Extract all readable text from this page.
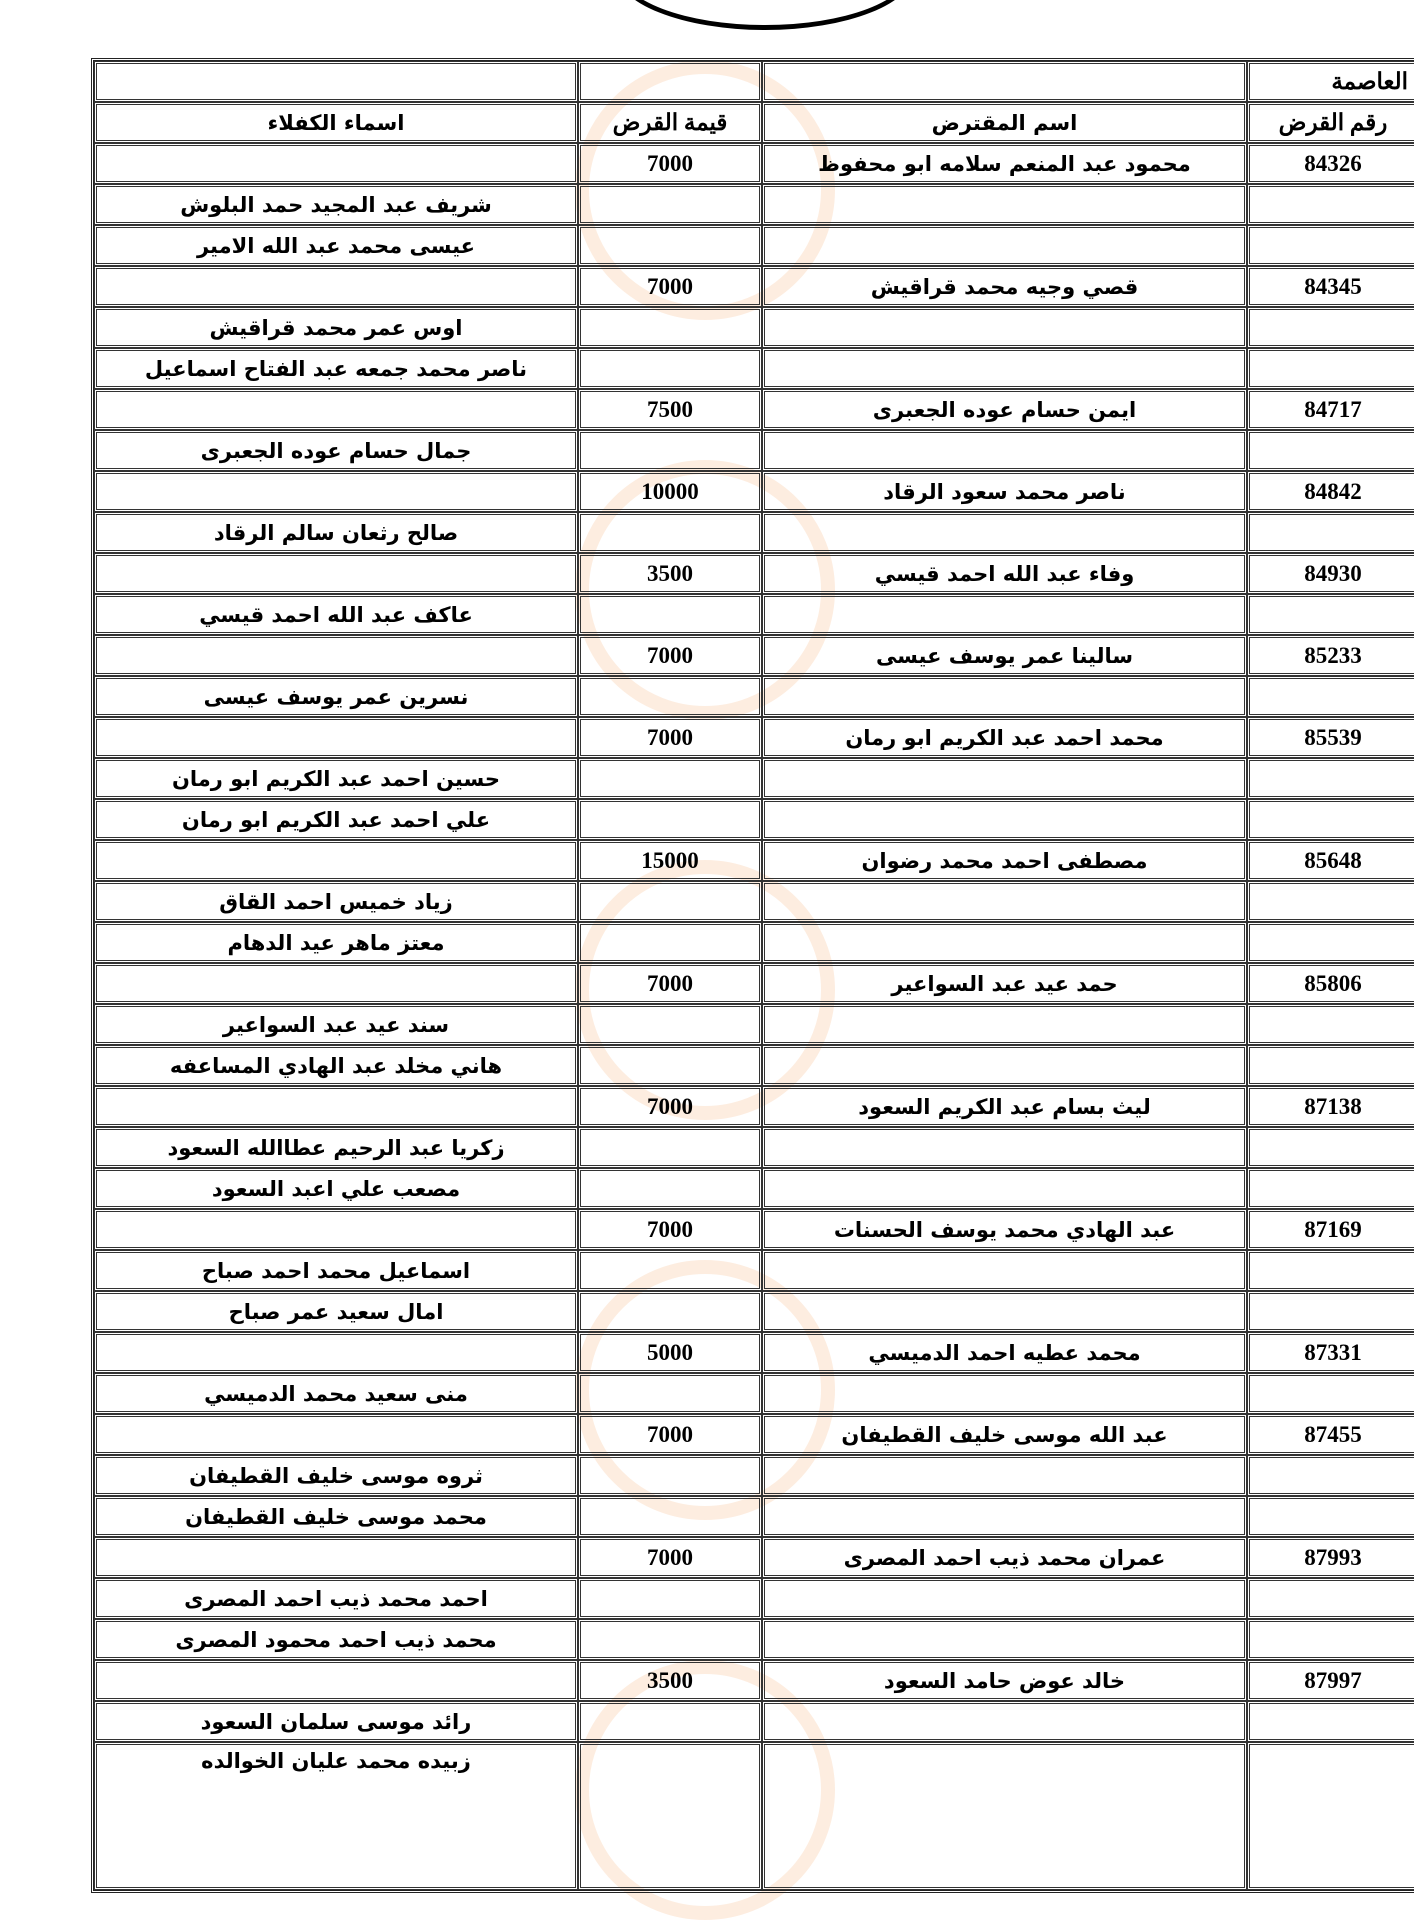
العاصمة			
رقم القرض	اسم المقترض	قيمة القرض	اسماء الكفلاء
84326	محمود عبد المنعم سلامه ابو محفوظ	7000	
			شريف عبد المجيد حمد البلوش
			عيسى محمد عبد الله الامير
84345	قصي وجيه محمد قراقيش	7000	
			اوس عمر محمد قراقيش
			ناصر محمد جمعه عبد الفتاح اسماعيل
84717	ايمن حسام عوده الجعبرى	7500	
			جمال حسام عوده الجعبرى
84842	ناصر محمد سعود الرقاد	10000	
			صالح رثعان سالم الرقاد
84930	وفاء عبد الله احمد قيسي	3500	
			عاكف عبد الله احمد قيسي
85233	سالينا عمر يوسف عيسى	7000	
			نسرين عمر يوسف عيسى
85539	محمد احمد عبد الكريم ابو رمان	7000	
			حسين احمد عبد الكريم ابو رمان
			علي احمد عبد الكريم ابو رمان
85648	مصطفى احمد محمد رضوان	15000	
			زياد خميس احمد القاق
			معتز ماهر عيد الدهام
85806	حمد عيد عبد السواعير	7000	
			سند عيد عبد السواعير
			هاني مخلد عبد الهادي المساعفه
87138	ليث بسام عبد الكريم السعود	7000	
			زكريا عبد الرحيم عطاالله السعود
			مصعب علي اعبد السعود
87169	عبد الهادي محمد يوسف الحسنات	7000	
			اسماعيل محمد احمد صباح
			امال سعيد عمر صباح
87331	محمد عطيه احمد الدميسي	5000	
			منى سعيد محمد الدميسي
87455	عبد الله موسى خليف القطيفان	7000	
			ثروه موسى خليف القطيفان
			محمد موسى خليف القطيفان
87993	عمران محمد ذيب احمد المصرى	7000	
			احمد محمد ذيب احمد المصرى
			محمد ذيب احمد محمود المصرى
87997	خالد عوض حامد السعود	3500	
			رائد موسى سلمان السعود
			زبيده محمد عليان الخوالده
